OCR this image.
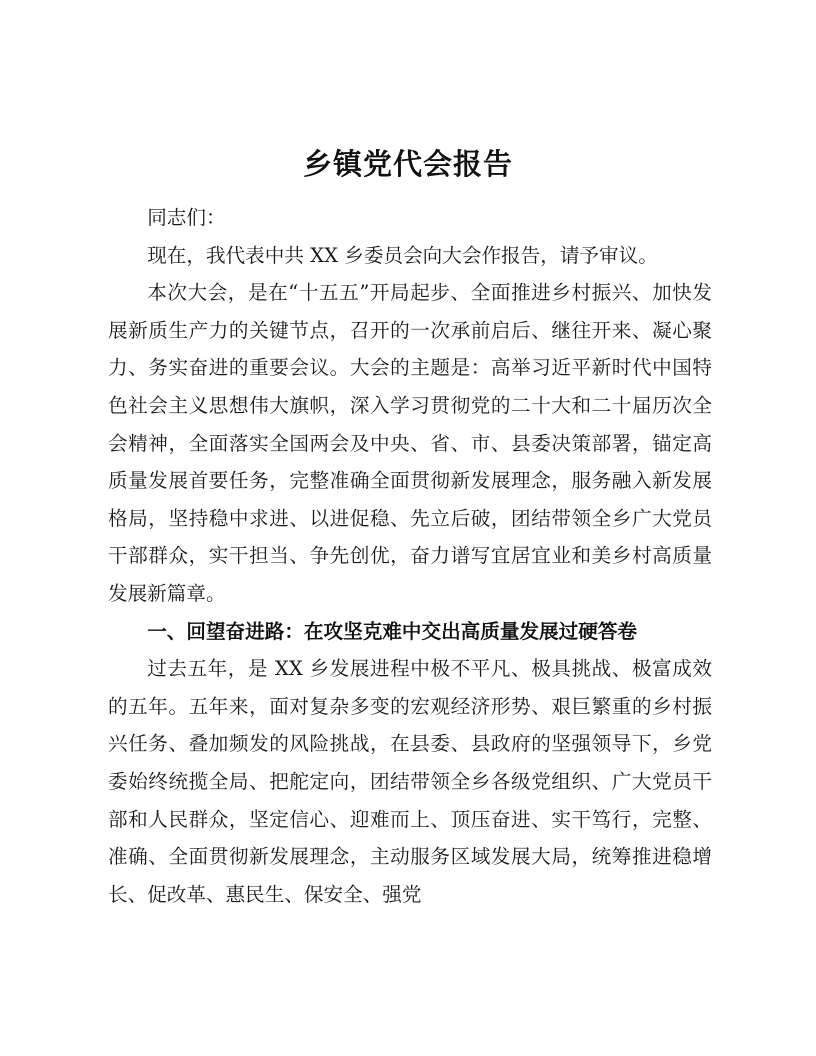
乡镇党代会报告

同志们：

现在，我代表中共 XX 乡委员会向大会作报告，请予审议。

本次大会，是在“十五五”开局起步、全面推进乡村振兴、加快发展新质生产力的关键节点，召开的一次承前启后、继往开来、凝心聚力、务实奋进的重要会议。大会的主题是：高举习近平新时代中国特色社会主义思想伟大旗帜，深入学习贯彻党的二十大和二十届历次全会精神，全面落实全国两会及中央、省、市、县委决策部署，锚定高质量发展首要任务，完整准确全面贯彻新发展理念，服务融入新发展格局，坚持稳中求进、以进促稳、先立后破，团结带领全乡广大党员干部群众，实干担当、争先创优，奋力谱写宜居宜业和美乡村高质量发展新篇章。

一、回望奋进路：在攻坚克难中交出高质量发展过硬答卷

过去五年，是 XX 乡发展进程中极不平凡、极具挑战、极富成效的五年。五年来，面对复杂多变的宏观经济形势、艰巨繁重的乡村振兴任务、叠加频发的风险挑战，在县委、县政府的坚强领导下，乡党委始终统揽全局、把舵定向，团结带领全乡各级党组织、广大党员干部和人民群众，坚定信心、迎难而上、顶压奋进、实干笃行，完整、准确、全面贯彻新发展理念，主动服务区域发展大局，统筹推进稳增长、促改革、惠民生、保安全、强党
